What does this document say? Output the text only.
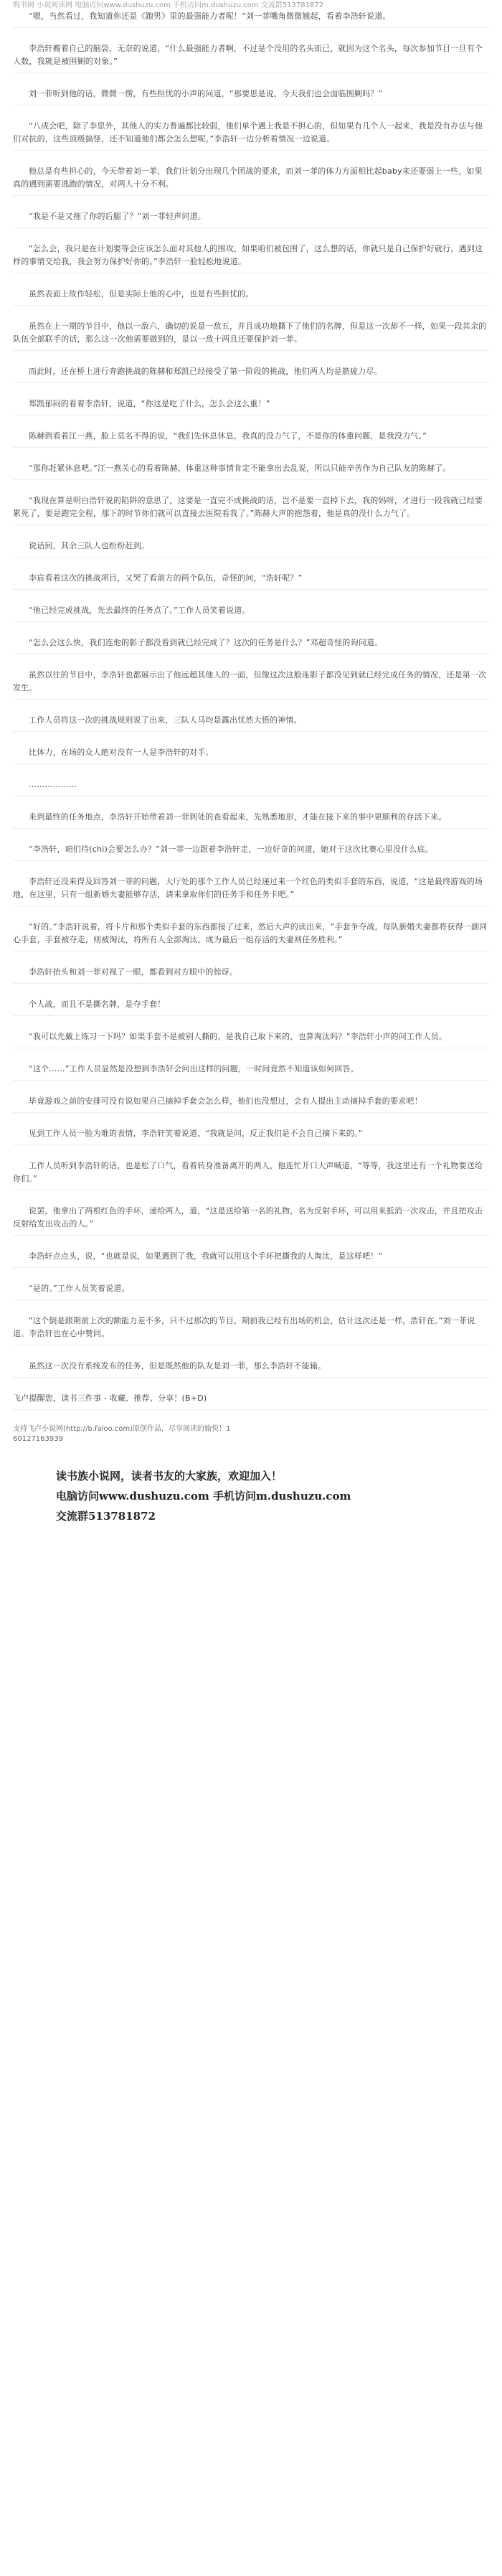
购书网 小说阅读网 电脑访问www.dushuzu.com 手机访问m.dushuzu.com 交流群513781872

“嗯，当然看过，我知道你还是《跑男》里的最强能力者呢！”刘一菲嘴角微微翘起，看着李浩轩说道。

李浩轩搬着自己的脑袋，无奈的说道，“什么最强能力者啊，不过是个没用的名头而已，就因为这个名头，每次参加节目一旦有个人数，我就是被围剿的对象。”

刘一菲听到他的话，微微一愣，有些担忧的小声的问道，“那要思是说，今天我们也会面临围剿吗？”

“八成会吧，除了李思外，其他人的实力普遍都比较弱，他们单个遇上我是不担心的，但如果有几个人一起来，我是没有办法与他们对抗的，这些顶级搞怪，还不知道他们都会怎么想呢。”李浩轩一边分析着情况一边说道。

他总是有些担心的，今天带着刘一菲，我们计划分出现几个团战的要求，而刘一菲的体力方面相比起baby来还要弱上一些，如果真的遇到需要逃跑的情况，对两人十分不利。

“我是不是又拖了你的后腿了？”刘一菲轻声问道。

“怎么会，我只是在计划要等会应该怎么面对其他人的围攻，如果咱们被包围了，这么想的话，你就只是自己保护好就行，遇到这样的事情交给我，我会努力保护好你的。”李浩轩一脸轻松地说道。

虽然表面上故作轻松，但是实际上他的心中，也是有些担忧的。

虽然在上一期的节目中，他以一敌六，确切的说是一敌五，并且成功地撕下了他们的名牌，但是这一次却不一样，如果一段其余的队伍全部联手的话，那么这一次他需要做到的，是以一敌十两且还要保护刘一菲。

而此时，还在桥上进行奔跑挑战的陈赫和郑凯已经接受了第一阶段的挑战，他们两人均是筋疲力尽。

郑凯郁闷的看着李浩轩，说道，“你这是吃了什么，怎么会这么重！”

陈赫到看着江一燕，脸上莫名不得的说，“我们先休息休息，我真的没力气了，不是你的体重问题，是我没力气。”

“那你赶紧休息吧。”江一燕关心的看着陈赫，体重这种事情肯定不能拿出去乱说，所以只能辛苦作为自己队友的陈赫了。

“我现在算是明白浩轩说的陷阱的意思了，这要是一直完不成挑战的话，岂不是要一直掉下去，我的妈呀，才进行一段我就已经要累死了，要是跑完全程，那下的时节你们就可以直接去医院看我了。”陈赫大声的抱怨着，他是真的没什么力气了。

说话间，其余三队人也纷纷赶到。

李宸看着这次的挑战项目，又哭了看前方的两个队伍，奇怪的问，“浩轩呢？”

“他已经完成挑战，先去最终的任务点了。”工作人员笑着说道。

“怎么会这么快，我们连他的影子都没看到就已经完成了？这次的任务是什么？”邓超奇怪的询问道。

虽然以往的节目中，李浩轩也都展示出了他远超其他人的一面，但像这次这般连影子都没见到就已经完成任务的情况，还是第一次发生。

工作人员将这一次的挑战规则说了出来，三队人马均是露出忧然大悟的神情。

比体力，在场的众人绝对没有一人是李浩轩的对手。

………………

来到最终的任务地点，李浩轩开始带着刘一菲到处的查看起来，先熟悉地形，才能在接下来的事中更顺利的存活下来。

“李浩轩，咱们待(chi)会要怎么办？”刘一菲一边跟着李浩轩走，一边好奇的问道，她对于这次比赛心里没什么底。

李浩轩还没来得及回答刘一菲的问题，大厅处的那个工作人员已经递过来一个红色的类似手套的东西，说道，“这是最终游戏的场地，在这里，只有一组新婚夫妻能够存活，请来拿取你们的任务手和任务卡吧。”

“好的。”李浩轩说着，将卡片和那个类似手套的东西都接了过来，然后大声的读出来，“手套争夺战，每队新婚夫妻都将获得一副同心手套，手套被夺走，则被淘汰，将所有人全部淘汰，成为最后一组存活的夫妻则任务胜利。”

李浩轩抬头和刘一菲对视了一眼，都看到对方眼中的惊讶。

个人战，而且不是撕名牌，是夺手套！

“我可以先戴上练习一下吗？如果手套不是被别人撕的，是我自己取下来的，也算淘汰吗？”李浩轩小声的问工作人员。

“这个……”工作人员显然是没想到李浩轩会问出这样的问题，一时间竟然不知道该如何回答。

毕竟游戏之前的安排可没有说如果自己摘掉手套会怎么样，他们也没想过，会有人提出主动摘掉手套的要求吧！

见到工作人员一脸为难的表情，李浩轩笑着说道，“我就是问，反正我们是不会自己摘下来的。”

工作人员听到李浩轩的话，也是松了口气，看着转身准备离开的两人，他连忙开口大声喊道，“等等，我这里还有一个礼物要送给你们。”

说罢，他拿出了两根红色的手环，递给两人，道，“这是送给第一名的礼物，名为反射手环，可以用来抵消一次攻击，并且把攻击反射给发出攻击的人。”

李浩轩点点头，说，“也就是说，如果遇到了我，我就可以用这个手环把撕我的人淘汰，是这样吧！”

“是的。”工作人员笑着说道。

“这个倒是跟期前上次的额能力差不多，只不过那次的节目，期前我已经有出场的机会，估计这次还是一样，浩轩在。”刘一菲说道。李浩轩也在心中赞同。

虽然这一次没有系统发布的任务，但是既然他的队友是刘一菲，那么李浩轩不能输。

飞卢提醒您，读书三件事 - 收藏、推荐、分享！(B+D)

支持飞卢小说网(http://b.faloo.com)原创作品，尽享阅读的愉悦！1
60127163939
读书族小说网，读者书友的大家族，欢迎加入！
电脑访问www.dushuzu.com 手机访问m.dushuzu.com
交流群513781872
